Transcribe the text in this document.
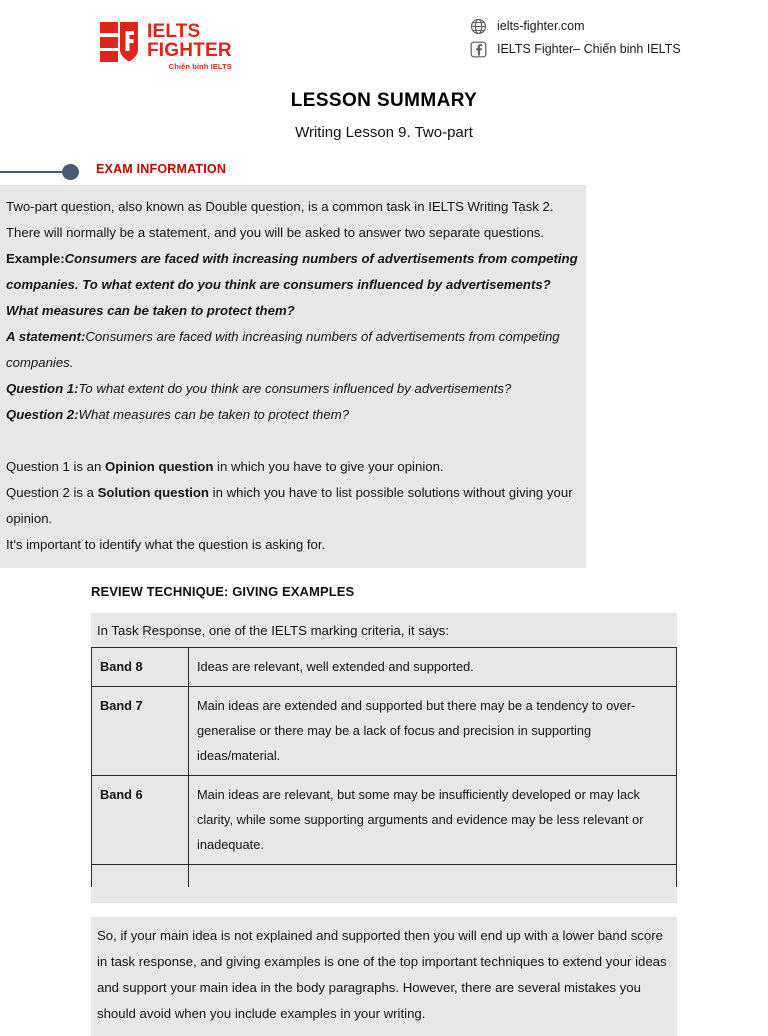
IELTS
FIGHTER
Chiến binh IELTS
ielts-fighter.com
IELTS Fighter– Chiến binh IELTS
LESSON SUMMARY
Writing Lesson 9. Two-part
EXAM INFORMATION

Two-part question, also known as Double question, is a common task in IELTS Writing Task 2.

There will normally be a statement, and you will be asked to answer two separate questions.

Example:Consumers are faced with increasing numbers of advertisements from competing companies. To what extent do you think are consumers influenced by advertisements? What measures can be taken to protect them?

A statement:Consumers are faced with increasing numbers of advertisements from competing companies.

Question 1:To what extent do you think are consumers influenced by advertisements?

Question 2:What measures can be taken to protect them?

Question 1 is an Opinion question in which you have to give your opinion.

Question 2 is a Solution question in which you have to list possible solutions without giving your opinion.

It's important to identify what the question is asking for.

REVIEW TECHNIQUE: GIVING EXAMPLES

In Task Response, one of the IELTS marking criteria, it says:

Band 8	Ideas are relevant, well extended and supported.
Band 7	Main ideas are extended and supported but there may be a tendency to over-generalise or there may be a lack of focus and precision in supporting ideas/material.
Band 6	Main ideas are relevant, but some may be insufficiently developed or may lack clarity, while some supporting arguments and evidence may be less relevant or inadequate.

So, if your main idea is not explained and supported then you will end up with a lower band score in task response, and giving examples is one of the top important techniques to extend your ideas and support your main idea in the body paragraphs. However, there are several mistakes you should avoid when you include examples in your writing.
